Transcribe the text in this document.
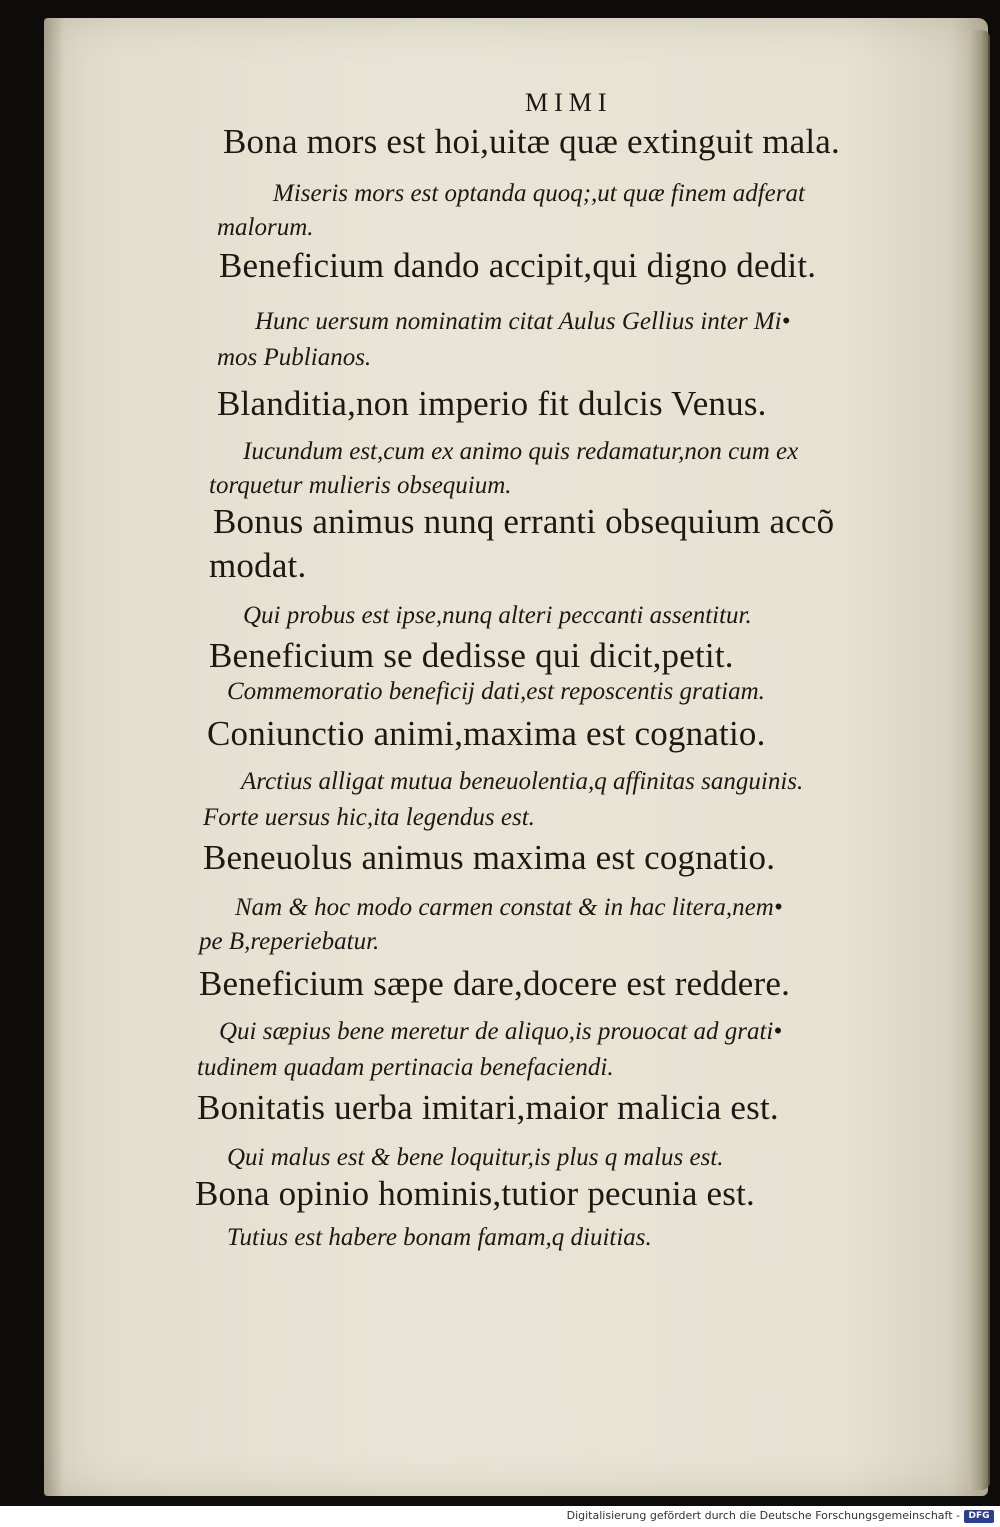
MIMI
Bona mors est hoi,uitæ quæ extinguit mala.
Miseris mors est optanda quoq;,ut quæ finem adferat
malorum.
Beneficium dando accipit,qui digno dedit.
Hunc uersum nominatim citat Aulus Gellius inter Mi•
mos Publianos.
Blanditia,non imperio fit dulcis Venus.
Iucundum est,cum ex animo quis redamatur,non cum ex
torquetur mulieris obsequium.
Bonus animus nunq erranti obsequium accõ
modat.
Qui probus est ipse,nunq alteri peccanti assentitur.
Beneficium se dedisse qui dicit,petit.
Commemoratio beneficij dati,est reposcentis gratiam.
Coniunctio animi,maxima est cognatio.
Arctius alligat mutua beneuolentia,q affinitas sanguinis.
Forte uersus hic,ita legendus est.
Beneuolus animus maxima est cognatio.
Nam & hoc modo carmen constat & in hac litera,nem•
pe B,reperiebatur.
Beneficium sæpe dare,docere est reddere.
Qui sæpius bene meretur de aliquo,is prouocat ad grati•
tudinem quadam pertinacia benefaciendi.
Bonitatis uerba imitari,maior malicia est.
Qui malus est & bene loquitur,is plus q malus est.
Bona opinio hominis,tutior pecunia est.
Tutius est habere bonam famam,q diuitias.
Digitalisierung gefördert durch die Deutsche Forschungsgemeinschaft - DFG
